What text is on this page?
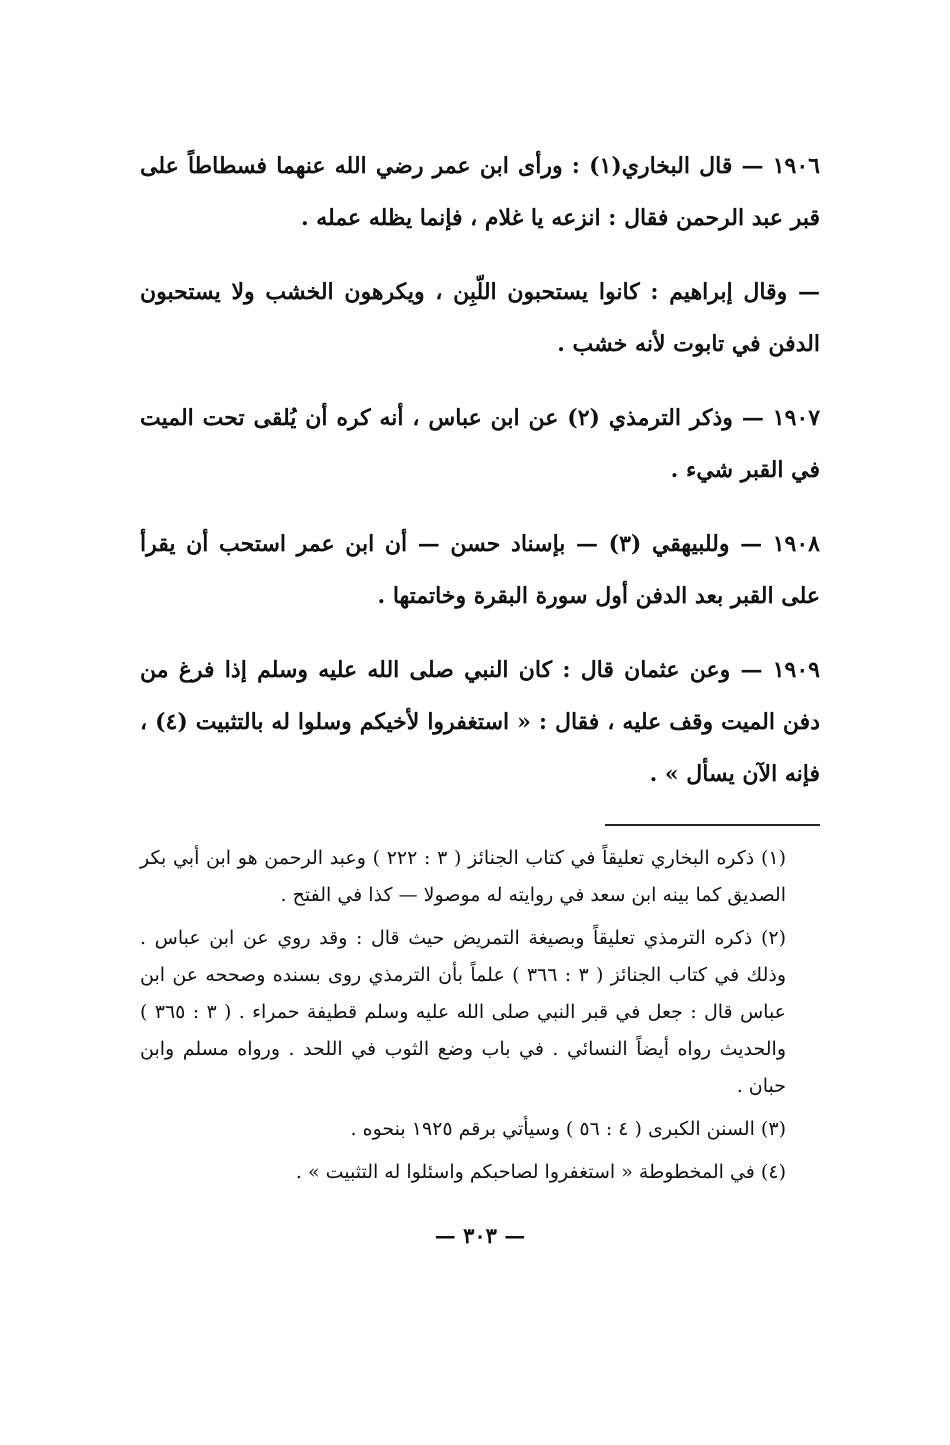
١٩٠٦ — قال البخاري(١) : ورأى ابن عمر رضي الله عنهما فسطاطاً على قبر عبد الرحمن فقال : انزعه يا غلام ، فإنما يظله عمله .

— وقال إبراهيم : كانوا يستحبون اللّبِن ، ويكرهون الخشب ولا يستحبون الدفن في تابوت لأنه خشب .

١٩٠٧ — وذكر الترمذي (٢) عن ابن عباس ، أنه كره أن يُلقى تحت الميت في القبر شيء .

١٩٠٨ — وللبيهقي (٣) — بإسناد حسن — أن ابن عمر استحب أن يقرأ على القبر بعد الدفن أول سورة البقرة وخاتمتها .

١٩٠٩ — وعن عثمان قال : كان النبي صلى الله عليه وسلم إذا فرغ من دفن الميت وقف عليه ، فقال : « استغفروا لأخيكم وسلوا له بالتثبيت (٤) ، فإنه الآن يسأل » .

(١) ذكره البخاري تعليقاً في كتاب الجنائز ( ٣ : ٢٢٢ ) وعبد الرحمن هو ابن أبي بكر الصديق كما بينه ابن سعد في روايته له موصولا — كذا في الفتح .

(٢) ذكره الترمذي تعليقاً وبصيغة التمريض حيث قال : وقد روي عن ابن عباس . وذلك في كتاب الجنائز ( ٣ : ٣٦٦ ) علماً بأن الترمذي روى بسنده وصححه عن ابن عباس قال : جعل في قبر النبي صلى الله عليه وسلم قطيفة حمراء . ( ٣ : ٣٦٥ ) والحديث رواه أيضاً النسائي . في باب وضع الثوب في اللحد . ورواه مسلم وابن حبان .

(٣) السنن الكبرى ( ٤ : ٥٦ ) وسيأتي برقم ١٩٢٥ بنحوه .

(٤) في المخطوطة « استغفروا لصاحبكم واسئلوا له التثبيت » .

— ٣٠٣ —
